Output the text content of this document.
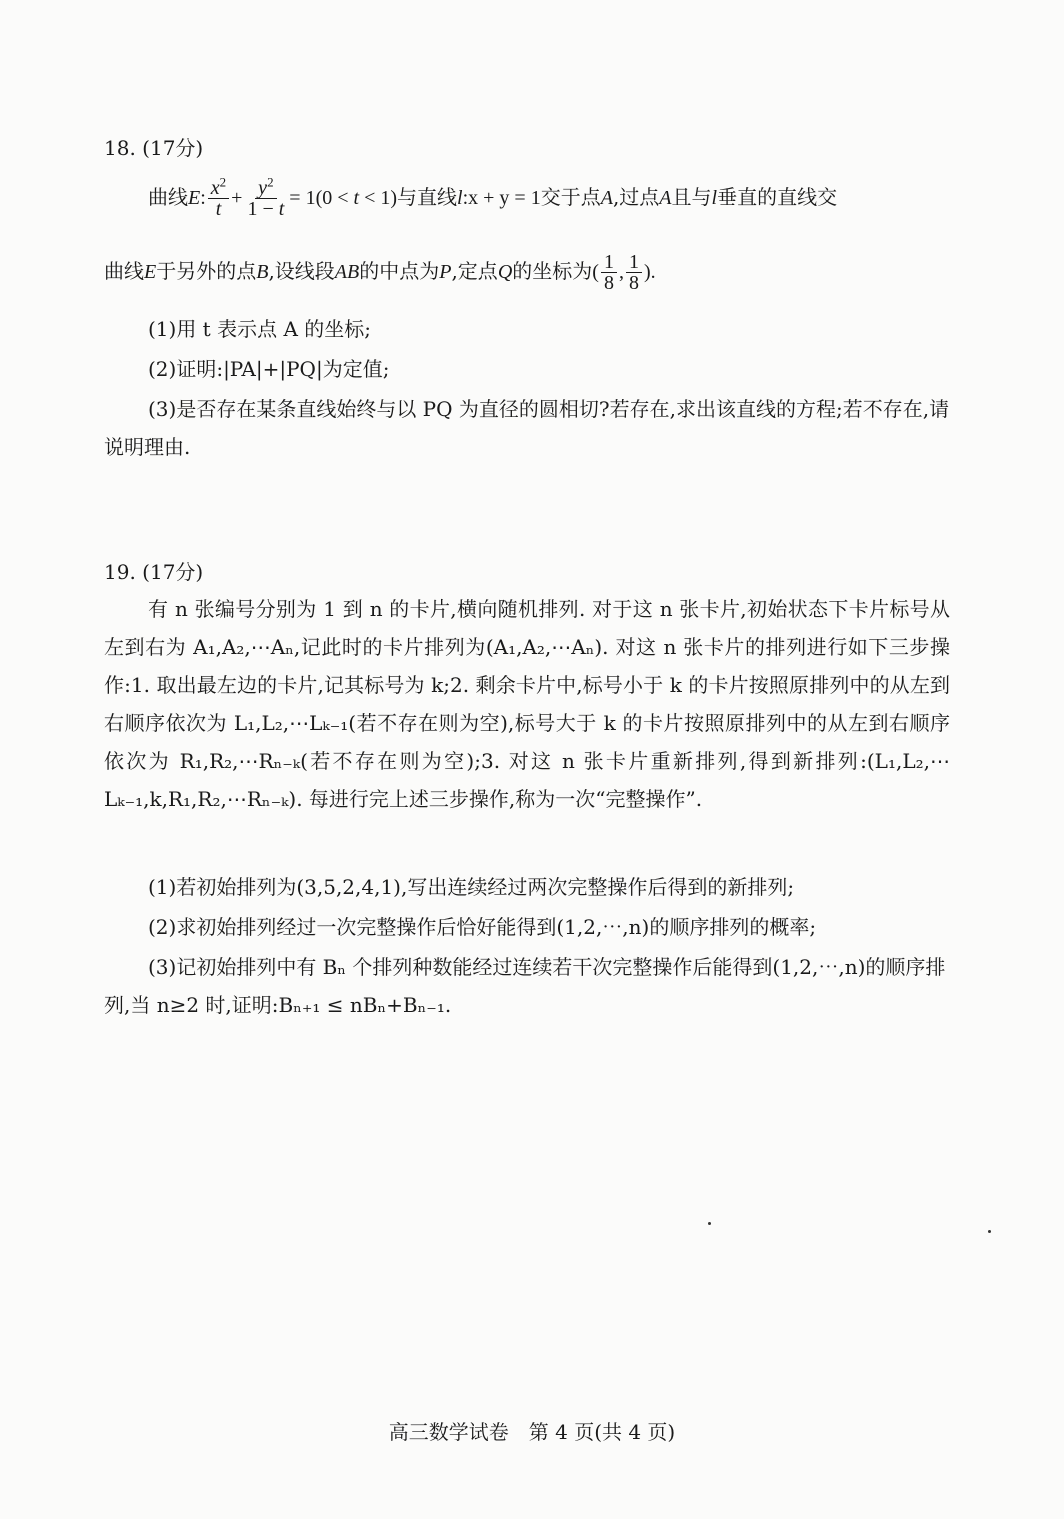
18. (17分)
曲线E: $\frac{x^2}{t} + \frac{y^2}{1 - t} = 1(0 < t < 1)$与直线l:x + y = 1交于点A,过点A且与l垂直的直线交
曲线E于另外的点B,设线段AB的中点为P,定点Q的坐标为( $\frac{1}{8}$ , $\frac{1}{8}$ ).
(1)用 t 表示点 A 的坐标;
(2)证明:|PA|+|PQ|为定值;
(3)是否存在某条直线始终与以 PQ 为直径的圆相切?若存在,求出该直线的方程;若不存在,请说明理由.
19. (17分)
有 n 张编号分别为 1 到 n 的卡片,横向随机排列. 对于这 n 张卡片,初始状态下卡片标号从左到右为 A₁,A₂,⋯Aₙ,记此时的卡片排列为(A₁,A₂,⋯Aₙ). 对这 n 张卡片的排列进行如下三步操作:1. 取出最左边的卡片,记其标号为 k;2. 剩余卡片中,标号小于 k 的卡片按照原排列中的从左到右顺序依次为 L₁,L₂,⋯Lₖ₋₁(若不存在则为空),标号大于 k 的卡片按照原排列中的从左到右顺序依次为 R₁,R₂,⋯Rₙ₋ₖ(若不存在则为空);3. 对这 n 张卡片重新排列,得到新排列:(L₁,L₂,⋯Lₖ₋₁,k,R₁,R₂,⋯Rₙ₋ₖ). 每进行完上述三步操作,称为一次“完整操作”.
(1)若初始排列为(3,5,2,4,1),写出连续经过两次完整操作后得到的新排列;
(2)求初始排列经过一次完整操作后恰好能得到(1,2,⋯,n)的顺序排列的概率;
(3)记初始排列中有 Bₙ 个排列种数能经过连续若干次完整操作后能得到(1,2,⋯,n)的顺序排列,当 n≥2 时,证明:Bₙ₊₁ ≤ nBₙ+Bₙ₋₁.
高三数学试卷　第 4 页(共 4 页)
